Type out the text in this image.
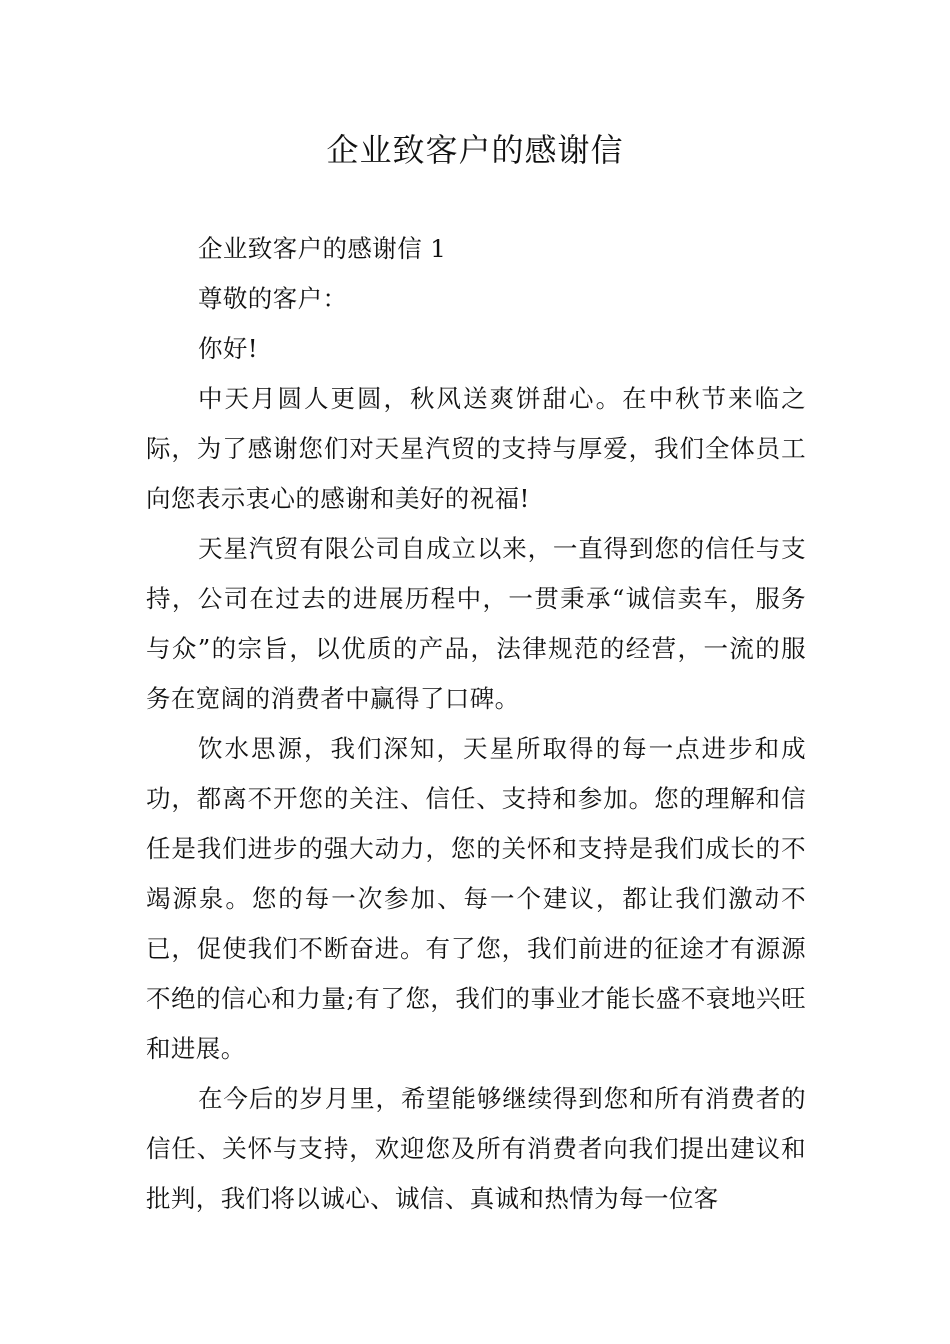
企业致客户的感谢信

企业致客户的感谢信 1

尊敬的客户：

你好!

中天月圆人更圆，秋风送爽饼甜心。在中秋节来临之际，为了感谢您们对天星汽贸的支持与厚爱，我们全体员工向您表示衷心的感谢和美好的祝福!

天星汽贸有限公司自成立以来，一直得到您的信任与支持，公司在过去的进展历程中，一贯秉承“诚信卖车，服务与众”的宗旨，以优质的产品，法律规范的经营，一流的服务在宽阔的消费者中赢得了口碑。

饮水思源，我们深知，天星所取得的每一点进步和成功，都离不开您的关注、信任、支持和参加。您的理解和信任是我们进步的强大动力，您的关怀和支持是我们成长的不竭源泉。您的每一次参加、每一个建议，都让我们激动不已，促使我们不断奋进。有了您，我们前进的征途才有源源不绝的信心和力量;有了您，我们的事业才能长盛不衰地兴旺和进展。

在今后的岁月里，希望能够继续得到您和所有消费者的信任、关怀与支持，欢迎您及所有消费者向我们提出建议和批判，我们将以诚心、诚信、真诚和热情为每一位客
